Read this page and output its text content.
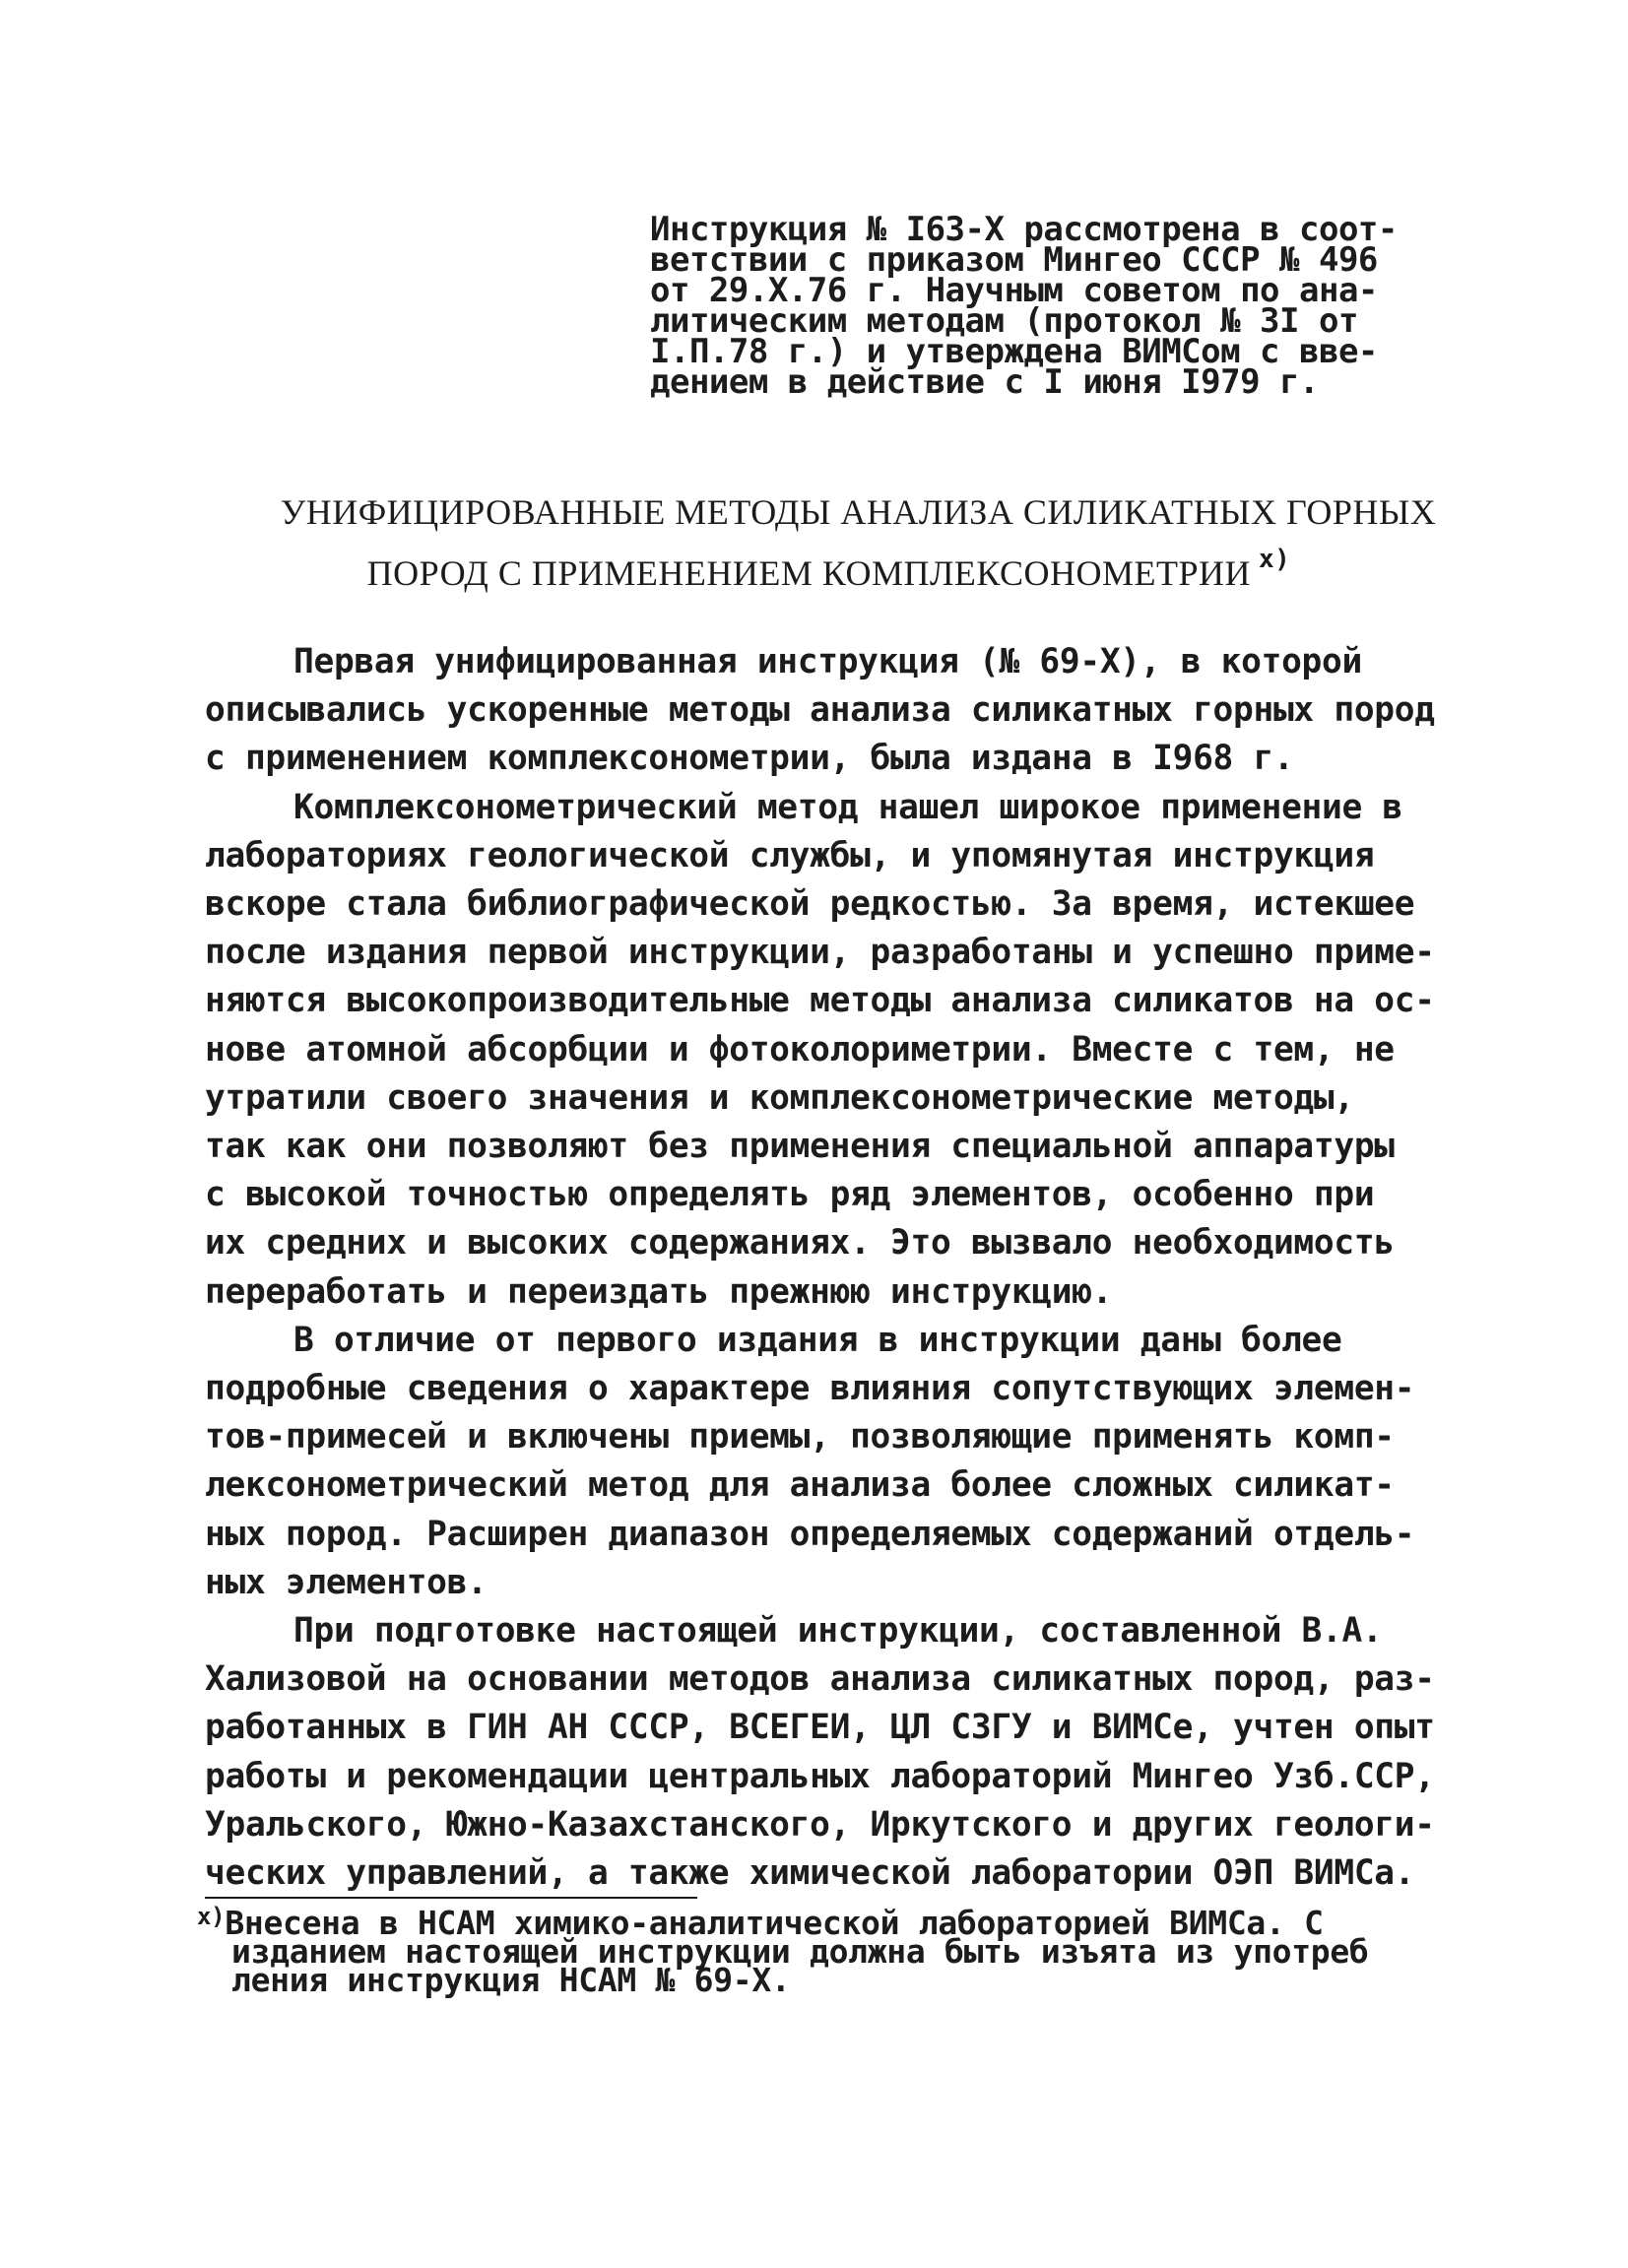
Инструкция № I63-Х рассмотрена в соот-
ветствии с приказом Мингео СССР № 496
от 29.Х.76 г. Научным советом по ана-
литическим методам (протокол № 3I от
I.П.78 г.) и утверждена ВИМСом с вве-
дением в действие с I июня I979 г.
УНИФИЦИРОВАННЫЕ МЕТОДЫ АНАЛИЗА СИЛИКАТНЫХ ГОРНЫХ
ПОРОД С ПРИМЕНЕНИЕМ КОМПЛЕКСОНОМЕТРИИ $^{х)}$
Первая унифицированная инструкция (№ 69-Х), в которой
описывались ускоренные методы анализа силикатных горных пород
с применением комплексонометрии, была издана в I968 г.
Комплексонометрический метод нашел широкое применение в
лабораториях геологической службы, и упомянутая инструкция
вскоре стала библиографической редкостью. За время, истекшее
после издания первой инструкции, разработаны и успешно приме-
няются высокопроизводительные методы анализа силикатов на ос-
нове атомной абсорбции и фотоколориметрии. Вместе с тем, не
утратили своего значения и комплексонометрические методы,
так как они позволяют без применения специальной аппаратуры
с высокой точностью определять ряд элементов, особенно при
их средних и высоких содержаниях. Это вызвало необходимость
переработать и переиздать прежнюю инструкцию.
В отличие от первого издания в инструкции даны более
подробные сведения о характере влияния сопутствующих элемен-
тов-примесей и включены приемы, позволяющие применять комп-
лексонометрический метод для анализа более сложных силикат-
ных пород. Расширен диапазон определяемых содержаний отдель-
ных элементов.
При подготовке настоящей инструкции, составленной В.А.
Хализовой на основании методов анализа силикатных пород, раз-
работанных в ГИН АН СССР, ВСЕГЕИ, ЦЛ СЗГУ и ВИМСе, учтен опыт
работы и рекомендации центральных лабораторий Мингео Узб.ССР,
Уральского, Южно-Казахстанского, Иркутского и других геологи-
ческих управлений, а также химической лаборатории ОЭП ВИМСа.
$^{х)}$Внесена в НСАМ химико-аналитической лабораторией ВИМСа. С
изданием настоящей инструкции должна быть изъята из употреб
ления инструкция НСАМ № 69-Х.
